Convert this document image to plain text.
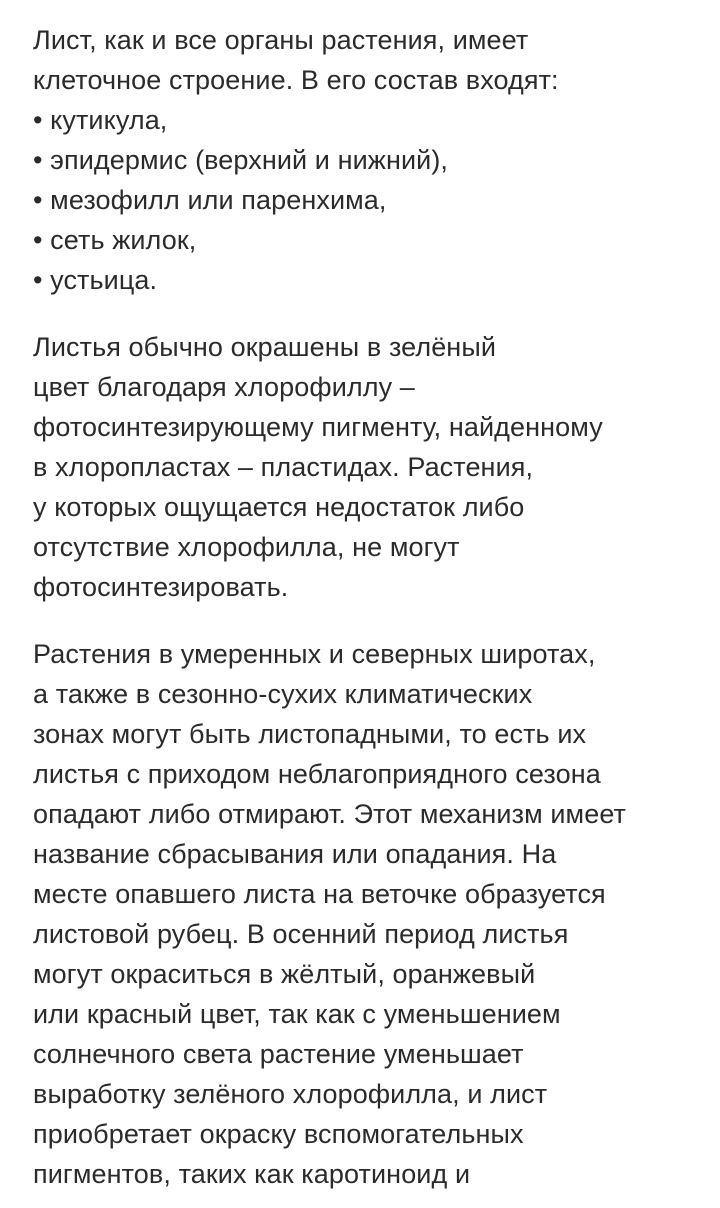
Лист, как и все органы растения, имеет
клеточное строение. В его состав входят:
• кутикула,
• эпидермис (верхний и нижний),
• мезофилл или паренхима,
• сеть жилок,
• устьица.
Листья обычно окрашены в зелёный
цвет благодаря хлорофиллу –
фотосинтезирующему пигменту, найденному
в хлоропластах – пластидах. Растения,
у которых ощущается недостаток либо
отсутствие хлорофилла, не могут
фотосинтезировать.
Растения в умеренных и северных широтах,
а также в сезонно-сухих климатических
зонах могут быть листопадными, то есть их
листья с приходом неблагоприядного сезона
опадают либо отмирают. Этот механизм имеет
название сбрасывания или опадания. На
месте опавшего листа на веточке образуется
листовой рубец. В осенний период листья
могут окраситься в жёлтый, оранжевый
или красный цвет, так как с уменьшением
солнечного света растение уменьшает
выработку зелёного хлорофилла, и лист
приобретает окраску вспомогательных
пигментов, таких как каротиноид и
